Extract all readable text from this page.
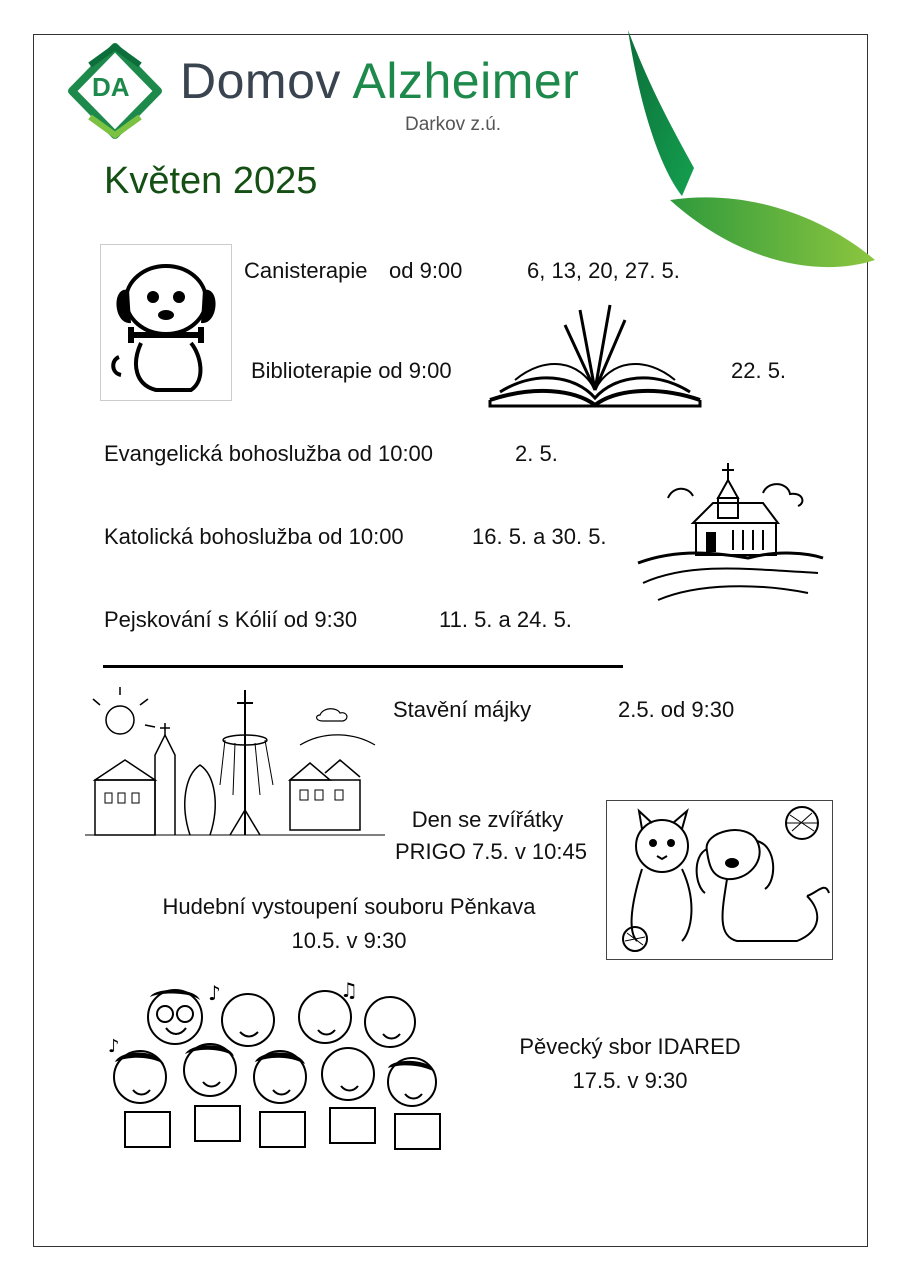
DA Domov Alzheimer
Darkov z.ú.
Květen 2025
Canisterapie od 9:00	6, 13, 20, 27. 5.
Biblioterapie od 9:00	22. 5.
Evangelická bohoslužba od 10:00	2. 5.
Katolická bohoslužba od 10:00	16. 5. a 30. 5.
Pejskování s Kólií od 9:30	11. 5. a 24. 5.
Stavění májky	2.5. od 9:30
Den se zvířátky
PRIGO 7.5. v 10:45
Hudební vystoupení souboru Pěnkava
10.5. v 9:30
♪	♫
♪	Pěvecký sbor IDARED
17.5. v 9:30
